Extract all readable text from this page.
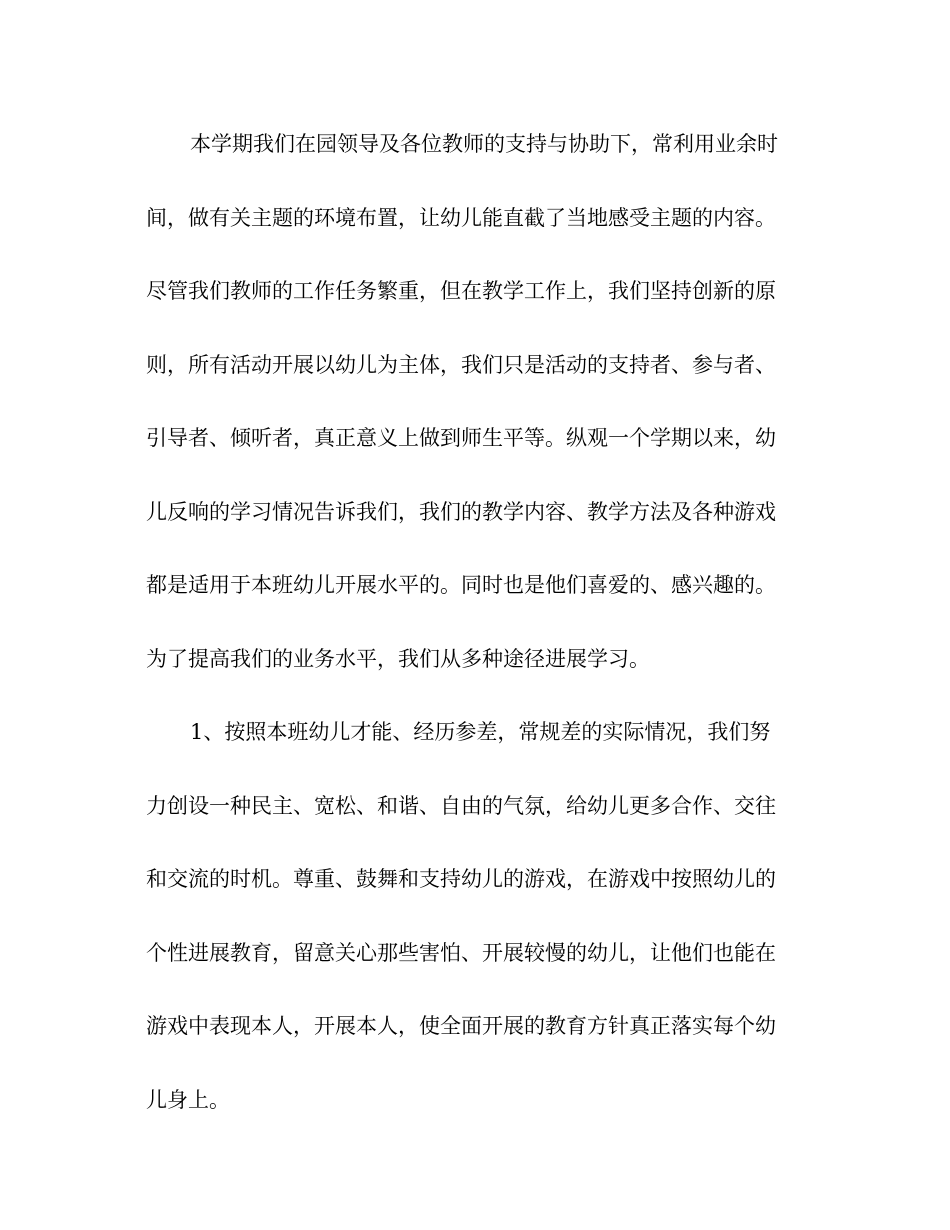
本学期我们在园领导及各位教师的支持与协助下，常利用业余时
间，做有关主题的环境布置，让幼儿能直截了当地感受主题的内容。
尽管我们教师的工作任务繁重，但在教学工作上，我们坚持创新的原
则，所有活动开展以幼儿为主体，我们只是活动的支持者、参与者、
引导者、倾听者，真正意义上做到师生平等。纵观一个学期以来，幼
儿反响的学习情况告诉我们，我们的教学内容、教学方法及各种游戏
都是适用于本班幼儿开展水平的。同时也是他们喜爱的、感兴趣的。
为了提高我们的业务水平，我们从多种途径进展学习。
1、按照本班幼儿才能、经历参差，常规差的实际情况，我们努
力创设一种民主、宽松、和谐、自由的气氛，给幼儿更多合作、交往
和交流的时机。尊重、鼓舞和支持幼儿的游戏，在游戏中按照幼儿的
个性进展教育，留意关心那些害怕、开展较慢的幼儿，让他们也能在
游戏中表现本人，开展本人，使全面开展的教育方针真正落实每个幼
儿身上。
